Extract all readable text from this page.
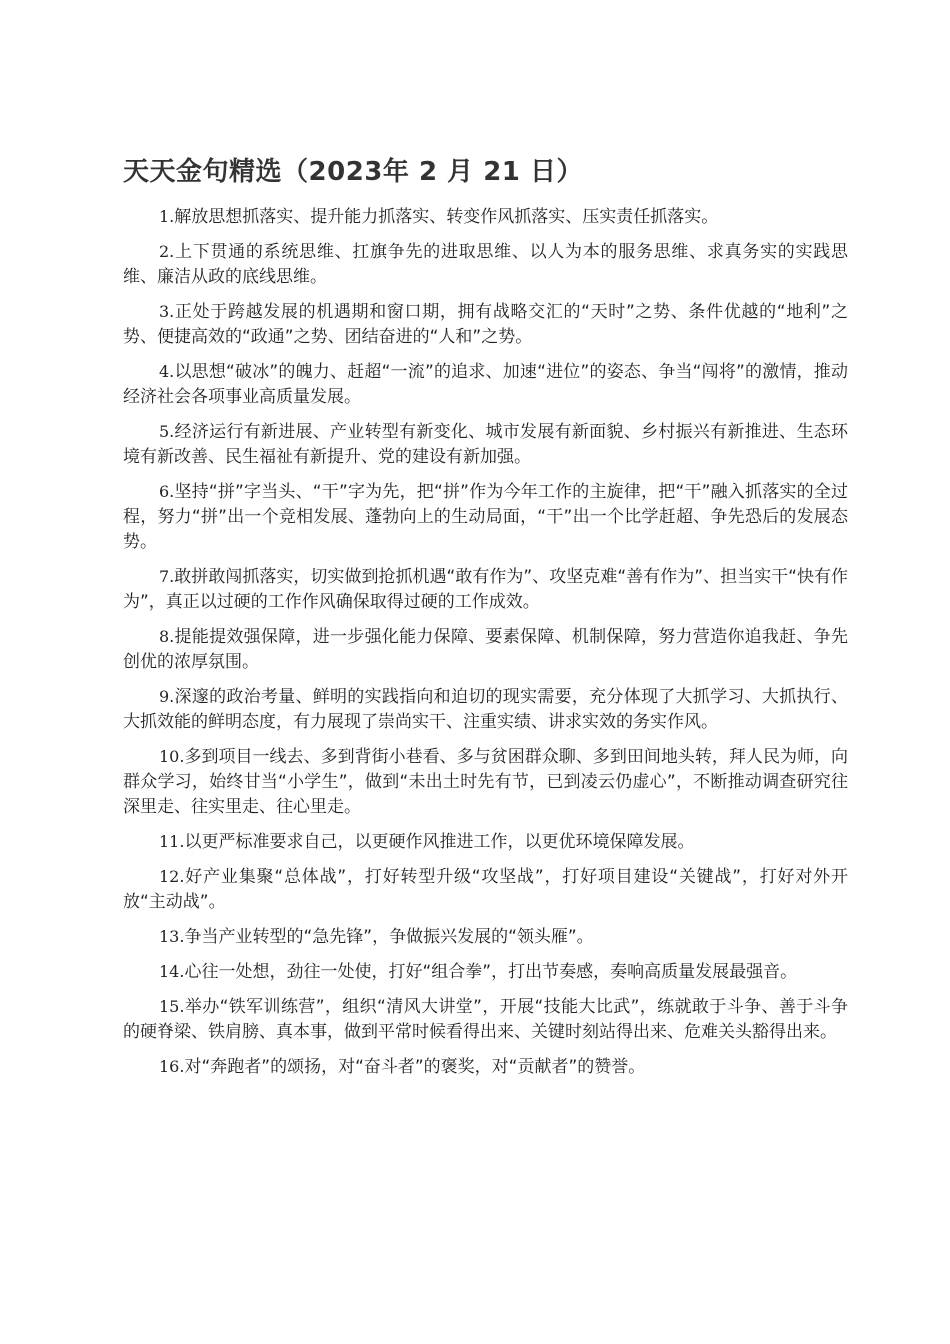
天天金句精选（2023年 2 月 21 日）
1.解放思想抓落实、提升能力抓落实、转变作风抓落实、压实责任抓落实。
2.上下贯通的系统思维、扛旗争先的进取思维、以人为本的服务思维、求真务实的实践思维、廉洁从政的底线思维。
3.正处于跨越发展的机遇期和窗口期，拥有战略交汇的“天时”之势、条件优越的“地利”之势、便捷高效的“政通”之势、团结奋进的“人和”之势。
4.以思想“破冰”的魄力、赶超“一流”的追求、加速“进位”的姿态、争当“闯将”的激情，推动经济社会各项事业高质量发展。
5.经济运行有新进展、产业转型有新变化、城市发展有新面貌、乡村振兴有新推进、生态环境有新改善、民生福祉有新提升、党的建设有新加强。
6.坚持“拼”字当头、“干”字为先，把“拼”作为今年工作的主旋律，把“干”融入抓落实的全过程，努力“拼”出一个竞相发展、蓬勃向上的生动局面，“干”出一个比学赶超、争先恐后的发展态势。
7.敢拼敢闯抓落实，切实做到抢抓机遇“敢有作为”、攻坚克难“善有作为”、担当实干“快有作为”，真正以过硬的工作作风确保取得过硬的工作成效。
8.提能提效强保障，进一步强化能力保障、要素保障、机制保障，努力营造你追我赶、争先创优的浓厚氛围。
9.深邃的政治考量、鲜明的实践指向和迫切的现实需要，充分体现了大抓学习、大抓执行、大抓效能的鲜明态度，有力展现了崇尚实干、注重实绩、讲求实效的务实作风。
10.多到项目一线去、多到背街小巷看、多与贫困群众聊、多到田间地头转，拜人民为师，向群众学习，始终甘当“小学生”，做到“未出土时先有节，已到凌云仍虚心”，不断推动调查研究往深里走、往实里走、往心里走。
11.以更严标准要求自己，以更硬作风推进工作，以更优环境保障发展。
12.好产业集聚“总体战”，打好转型升级“攻坚战”，打好项目建设“关键战”，打好对外开放“主动战”。
13.争当产业转型的“急先锋”，争做振兴发展的“领头雁”。
14.心往一处想，劲往一处使，打好“组合拳”，打出节奏感，奏响高质量发展最强音。
15.举办“铁军训练营”，组织“清风大讲堂”，开展“技能大比武”，练就敢于斗争、善于斗争的硬脊梁、铁肩膀、真本事，做到平常时候看得出来、关键时刻站得出来、危难关头豁得出来。
16.对“奔跑者”的颂扬，对“奋斗者”的褒奖，对“贡献者”的赞誉。
